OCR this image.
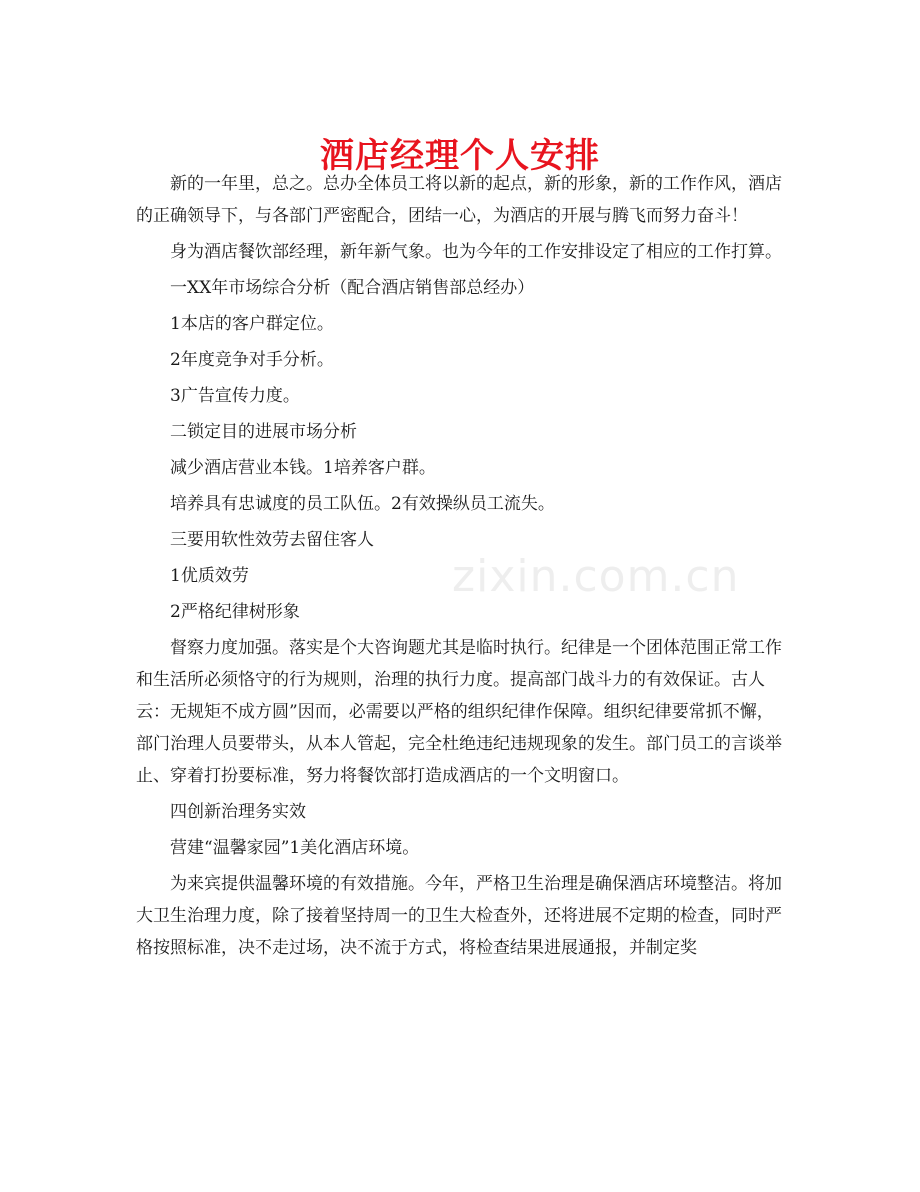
酒店经理个人安排

新的一年里，总之。总办全体员工将以新的起点，新的形象，新的工作作风，酒店的正确领导下，与各部门严密配合，团结一心，为酒店的开展与腾飞而努力奋斗！

身为酒店餐饮部经理，新年新气象。也为今年的工作安排设定了相应的工作打算。

一XX年市场综合分析（配合酒店销售部总经办）

1本店的客户群定位。

2年度竞争对手分析。

3广告宣传力度。

二锁定目的进展市场分析

减少酒店营业本钱。1培养客户群。

培养具有忠诚度的员工队伍。2有效操纵员工流失。

三要用软性效劳去留住客人

1优质效劳

2严格纪律树形象

督察力度加强。落实是个大咨询题尤其是临时执行。纪律是一个团体范围正常工作和生活所必须恪守的行为规则，治理的执行力度。提高部门战斗力的有效保证。古人云：无规矩不成方圆”因而，必需要以严格的组织纪律作保障。组织纪律要常抓不懈，部门治理人员要带头，从本人管起，完全杜绝违纪违规现象的发生。部门员工的言谈举止、穿着打扮要标准，努力将餐饮部打造成酒店的一个文明窗口。

四创新治理务实效

营建“温馨家园”1美化酒店环境。

为来宾提供温馨环境的有效措施。今年，严格卫生治理是确保酒店环境整洁。将加大卫生治理力度，除了接着坚持周一的卫生大检查外，还将进展不定期的检查，同时严格按照标准，决不走过场，决不流于方式，将检查结果进展通报，并制定奖

zixin.com.cn
